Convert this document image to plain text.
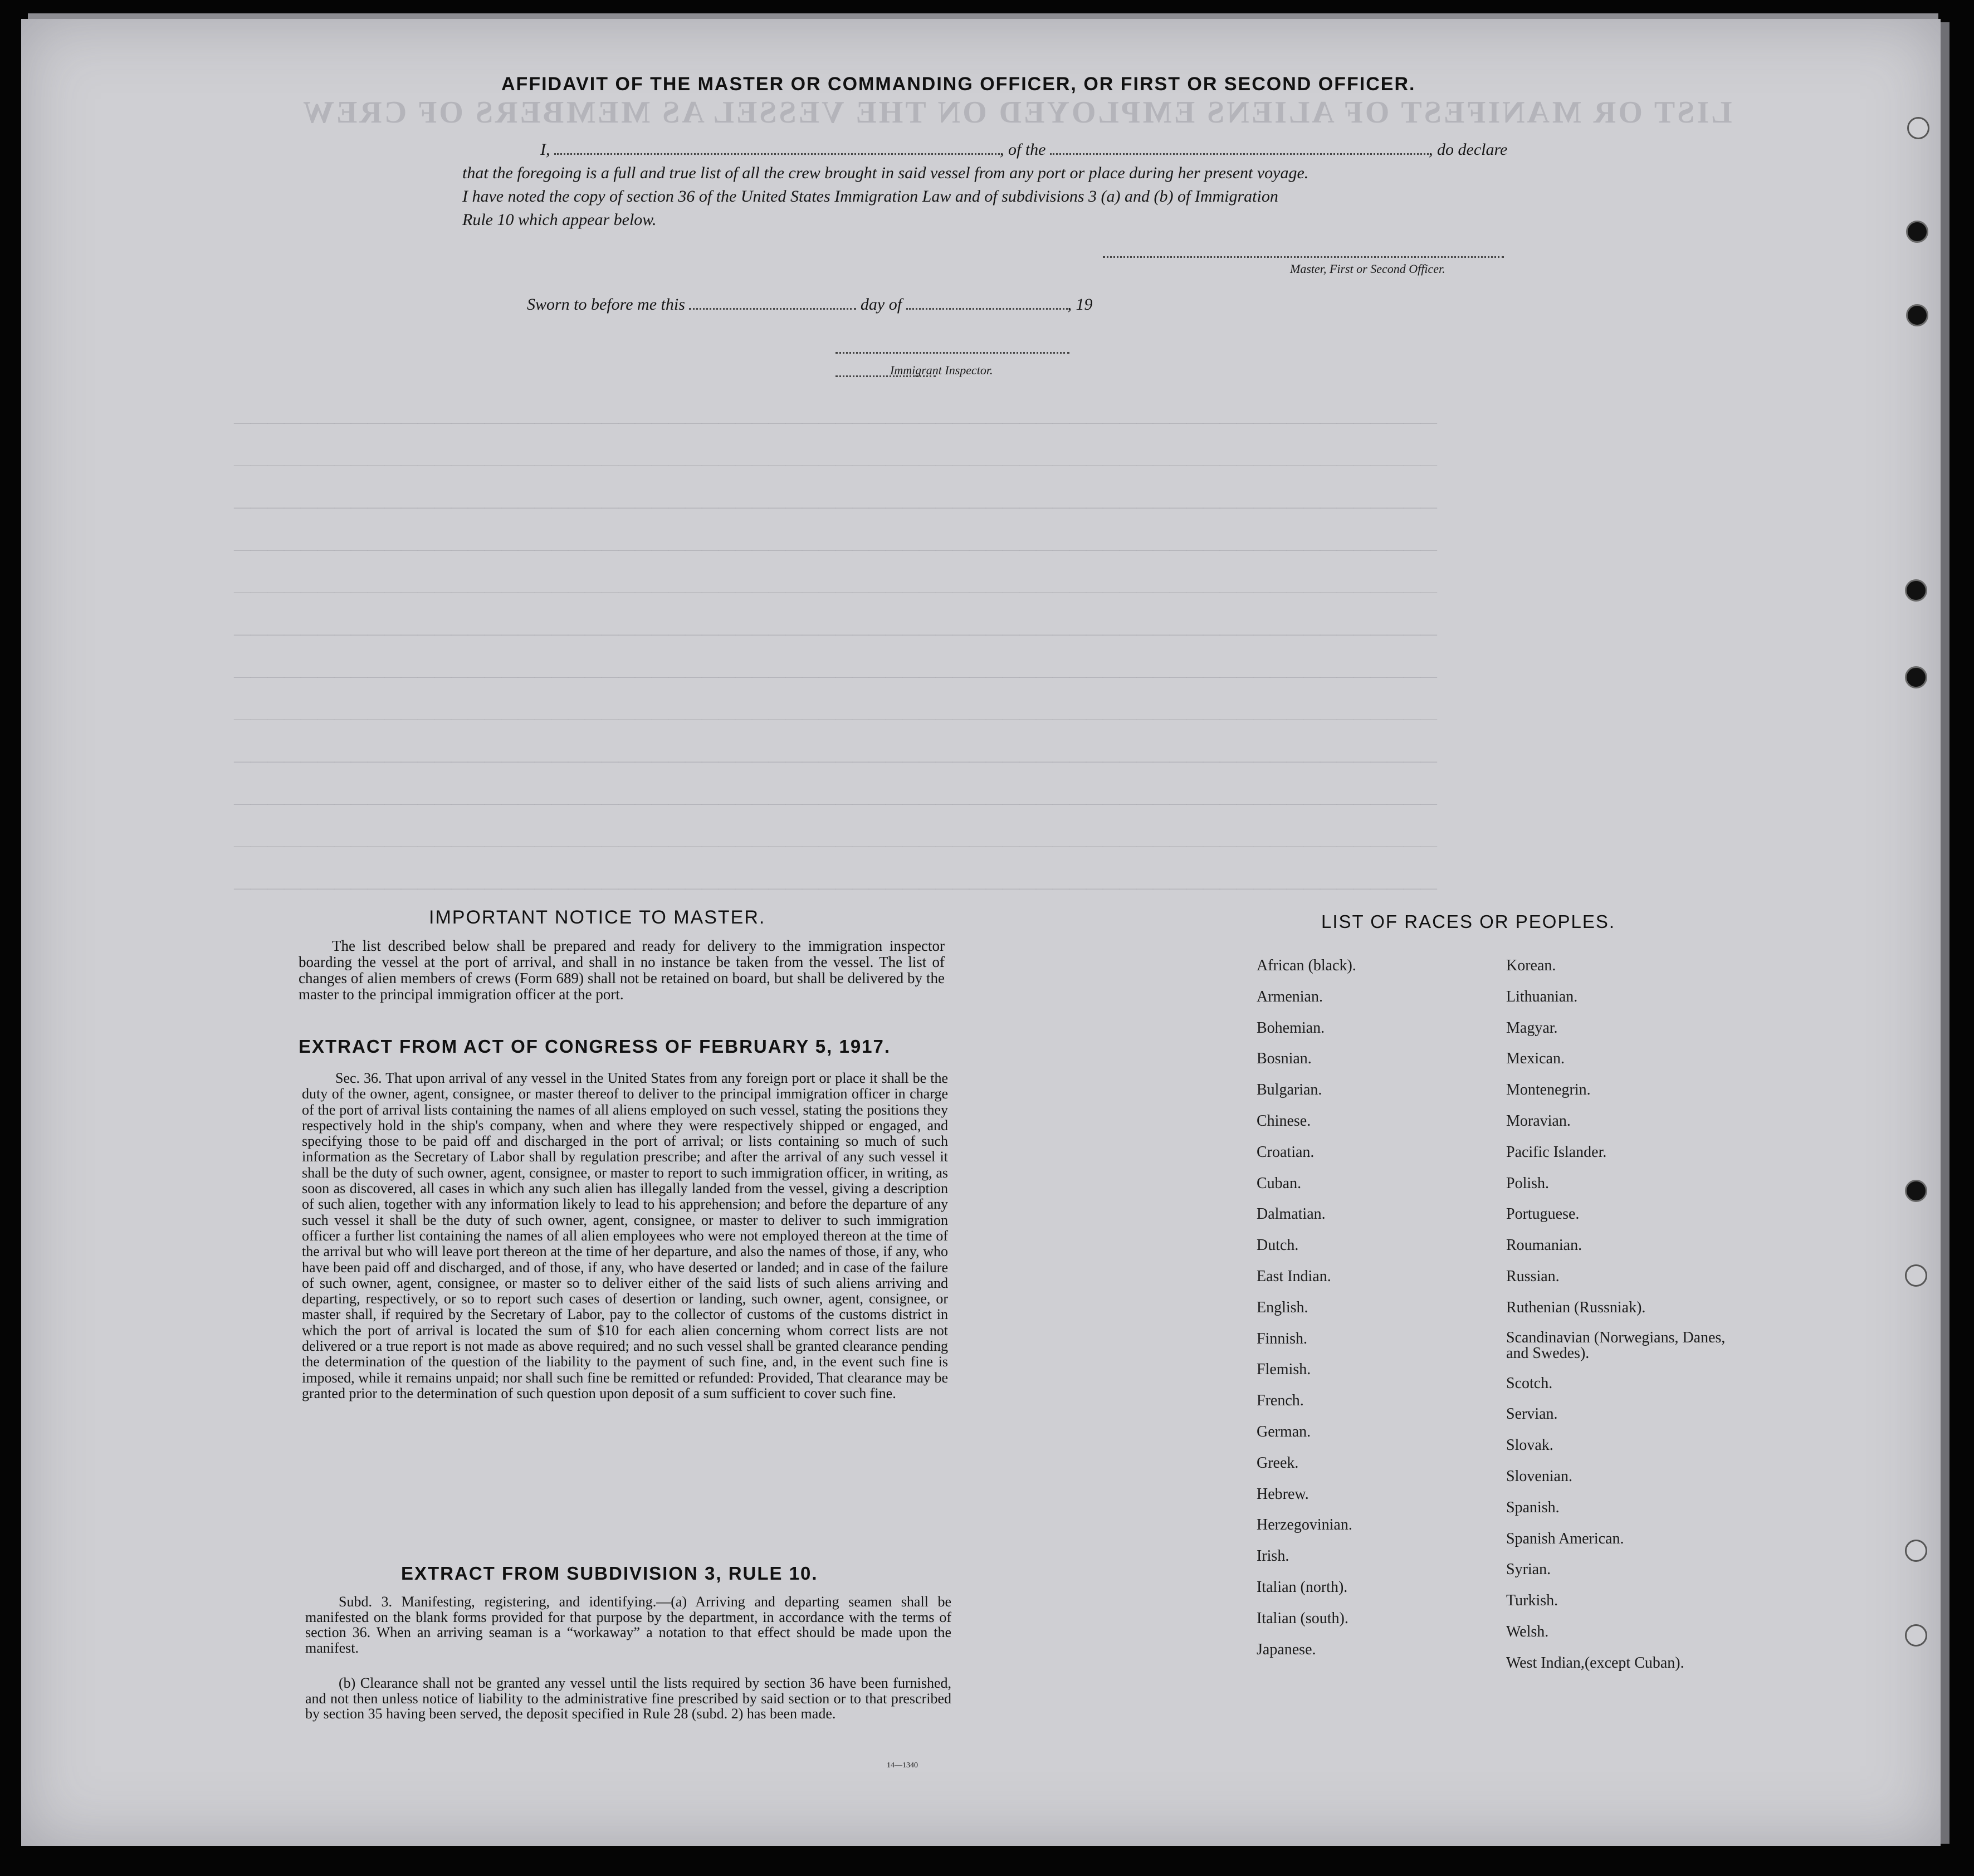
LIST OR MANIFEST OF ALIENS EMPLOYED ON THE VESSEL AS MEMBERS OF CREW
————————————————————————————————————————————————————————————————————————
————————————————————————————————————————————————————————————————————————
————————————————————————————————————————————————————————————————————————
————————————————————————————————————————————————————————————————————————
————————————————————————————————————————————————————————————————————————
————————————————————————————————————————————————————————————————————————
————————————————————————————————————————————————————————————————————————
————————————————————————————————————————————————————————————————————————
————————————————————————————————————————————————————————————————————————
————————————————————————————————————————————————————————————————————————
————————————————————————————————————————————————————————————————————————
————————————————————————————————————————————————————————————————————————
AFFIDAVIT OF THE MASTER OR COMMANDING OFFICER, OR FIRST OR SECOND OFFICER.
I,	, of the	, do declare
that the foregoing is a full and true list of all the crew brought in said vessel from any port or place during her present voyage.
I have noted the copy of section 36 of the United States Immigration Law and of subdivisions 3 (a) and (b) of Immigration
Rule 10 which appear below.
Master, First or Second Officer.
Sworn to before me this	day of	, 19
Immigrant Inspector.
IMPORTANT NOTICE TO MASTER.
The list described below shall be prepared and ready for delivery to the immigration inspector boarding the vessel at the port of arrival, and shall in no instance be taken from the vessel. The list of changes of alien members of crews (Form 689) shall not be retained on board, but shall be delivered by the master to the principal immigration officer at the port.
EXTRACT FROM ACT OF CONGRESS OF FEBRUARY 5, 1917.
Sec. 36. That upon arrival of any vessel in the United States from any foreign port or place it shall be the duty of the owner, agent, consignee, or master thereof to deliver to the principal immigration officer in charge of the port of arrival lists containing the names of all aliens employed on such vessel, stating the positions they respectively hold in the ship's company, when and where they were respectively shipped or engaged, and specifying those to be paid off and discharged in the port of arrival; or lists containing so much of such information as the Secretary of Labor shall by regulation prescribe; and after the arrival of any such vessel it shall be the duty of such owner, agent, consignee, or master to report to such immigration officer, in writing, as soon as discovered, all cases in which any such alien has illegally landed from the vessel, giving a description of such alien, together with any information likely to lead to his apprehension; and before the departure of any such vessel it shall be the duty of such owner, agent, consignee, or master to deliver to such immigration officer a further list containing the names of all alien employees who were not employed thereon at the time of the arrival but who will leave port thereon at the time of her departure, and also the names of those, if any, who have been paid off and discharged, and of those, if any, who have deserted or landed; and in case of the failure of such owner, agent, consignee, or master so to deliver either of the said lists of such aliens arriving and departing, respectively, or so to report such cases of desertion or landing, such owner, agent, consignee, or master shall, if required by the Secretary of Labor, pay to the collector of customs of the customs district in which the port of arrival is located the sum of $10 for each alien concerning whom correct lists are not delivered or a true report is not made as above required; and no such vessel shall be granted clearance pending the determination of the question of the liability to the payment of such fine, and, in the event such fine is imposed, while it remains unpaid; nor shall such fine be remitted or refunded: Provided, That clearance may be granted prior to the determination of such question upon deposit of a sum sufficient to cover such fine.
EXTRACT FROM SUBDIVISION 3, RULE 10.
Subd. 3. Manifesting, registering, and identifying.—(a) Arriving and departing seamen shall be manifested on the blank forms provided for that purpose by the department, in accordance with the terms of section 36. When an arriving seaman is a “workaway” a notation to that effect should be made upon the manifest.
(b) Clearance shall not be granted any vessel until the lists required by section 36 have been furnished, and not then unless notice of liability to the administrative fine prescribed by said section or to that prescribed by section 35 having been served, the deposit specified in Rule 28 (subd. 2) has been made.
14—1340
LIST OF RACES OR PEOPLES.
African (black).
Armenian.
Bohemian.
Bosnian.
Bulgarian.
Chinese.
Croatian.
Cuban.
Dalmatian.
Dutch.
East Indian.
English.
Finnish.
Flemish.
French.
German.
Greek.
Hebrew.
Herzegovinian.
Irish.
Italian (north).
Italian (south).
Japanese.
Korean.
Lithuanian.
Magyar.
Mexican.
Montenegrin.
Moravian.
Pacific Islander.
Polish.
Portuguese.
Roumanian.
Russian.
Ruthenian (Russniak).
Scandinavian (Norwegians, Danes, and Swedes).
Scotch.
Servian.
Slovak.
Slovenian.
Spanish.
Spanish American.
Syrian.
Turkish.
Welsh.
West Indian,(except Cuban).
